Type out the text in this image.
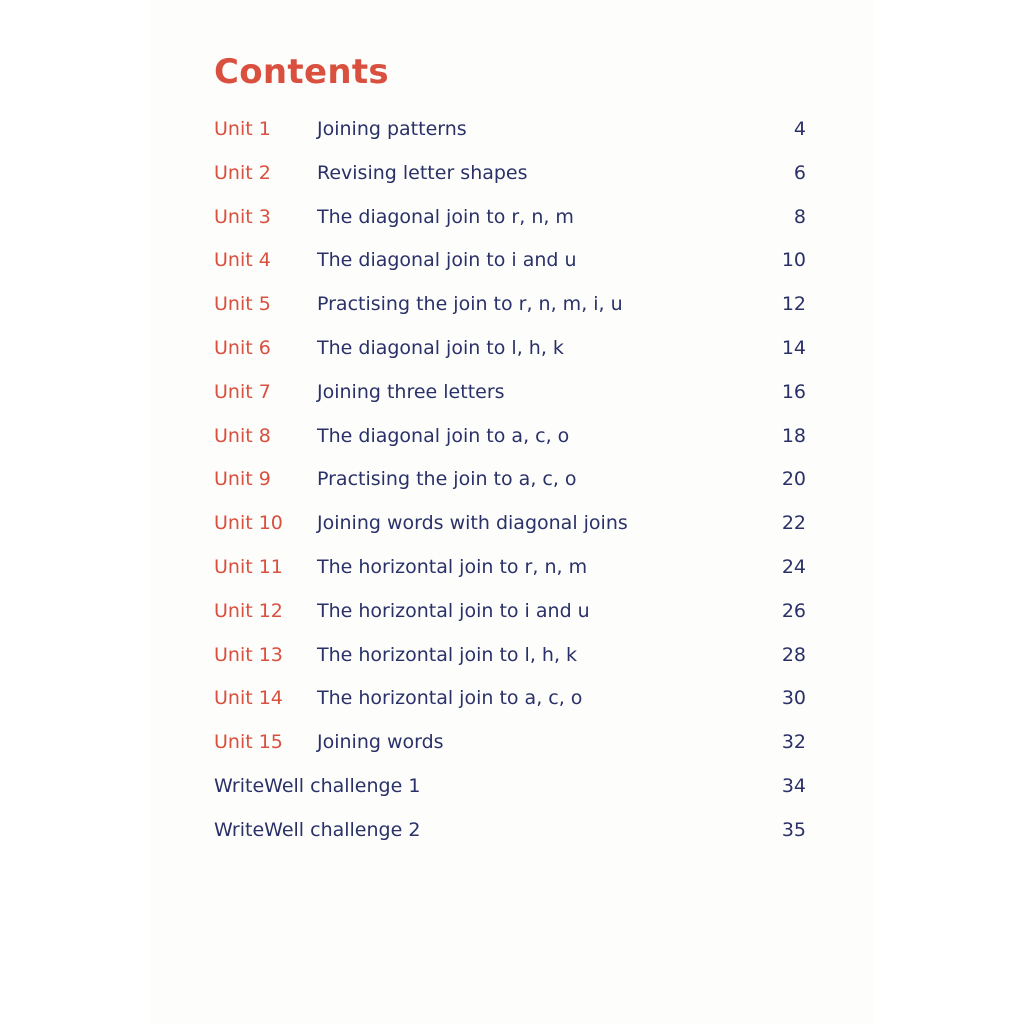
Contents
Unit 1 Joining patterns	4
Unit 2 Revising letter shapes	6
Unit 3 The diagonal join to r, n, m	8
Unit 4 The diagonal join to i and u	10
Unit 5 Practising the join to r, n, m, i, u	12
Unit 6 The diagonal join to l, h, k	14
Unit 7 Joining three letters	16
Unit 8 The diagonal join to a, c, o	18
Unit 9 Practising the join to a, c, o	20
Unit 10 Joining words with diagonal joins	22
Unit 11 The horizontal join to r, n, m	24
Unit 12 The horizontal join to i and u	26
Unit 13 The horizontal join to l, h, k	28
Unit 14 The horizontal join to a, c, o	30
Unit 15 Joining words	32
WriteWell challenge 1	34
WriteWell challenge 2	35
